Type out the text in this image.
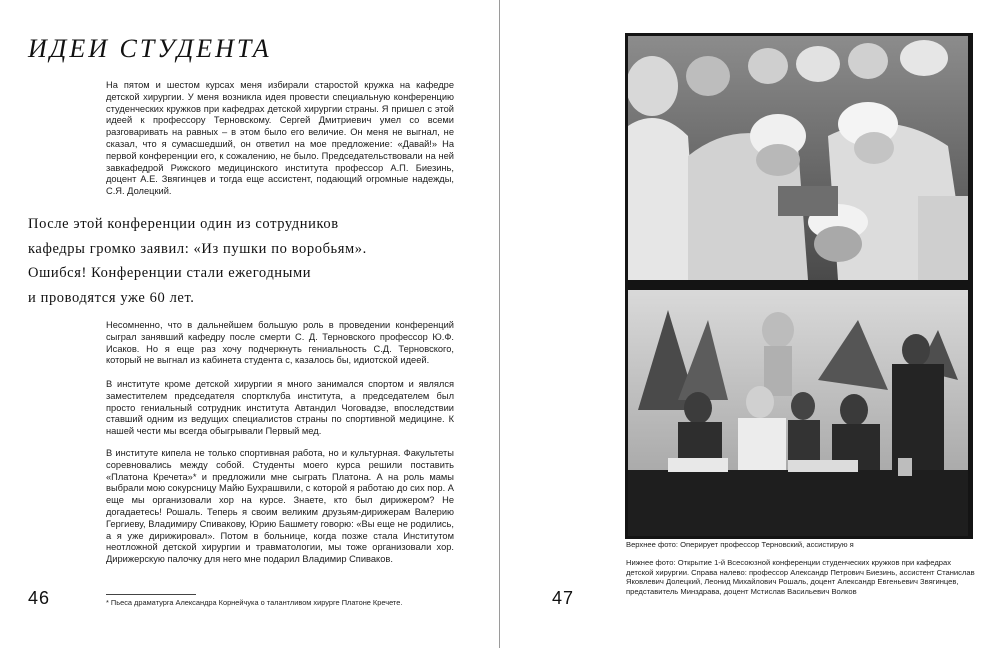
ИДЕИ СТУДЕНТА

На пятом и шестом курсах меня избирали старостой кружка на кафедре детской хирургии. У меня возникла идея провести специальную конференцию студенческих кружков при кафедрах детской хирургии страны. Я пришел с этой идеей к профессору Терновскому. Сергей Дмитриевич умел со всеми разговаривать на равных – в этом было его величие. Он меня не выгнал, не сказал, что я сумасшедший, он ответил на мое предложение: «Давай!» На первой конференции его, к сожалению, не было. Председательствовали на ней завкафедрой Рижского медицинского института профессор А.П. Биезинь, доцент А.Е. Звягинцев и тогда еще ассистент, подающий огромные надежды, С.Я. Долецкий.

После этой конференции один из сотрудников
кафедры громко заявил: «Из пушки по воробьям».
Ошибся! Конференции стали ежегодными
и проводятся уже 60 лет.

Несомненно, что в дальнейшем большую роль в проведении конференций сыграл занявший кафедру после смерти С. Д. Терновского профессор Ю.Ф. Исаков. Но я еще раз хочу подчеркнуть гениальность С.Д. Терновского, который не выгнал из кабинета студента с, казалось бы, идиотской идеей.

В институте кроме детской хирургии я много занимался спортом и являлся заместителем председателя спортклуба института, а председателем был просто гениальный сотрудник института Автандил Чоговадзе, впоследствии ставший одним из ведущих специалистов страны по спортивной медицине. К нашей чести мы всегда обыгрывали Первый мед.

В институте кипела не только спортивная работа, но и культурная. Факультеты соревновались между собой. Студенты моего курса решили поставить «Платона Кречета»* и предложили мне сыграть Платона. А на роль мамы выбрали мою сокурсницу Майю Бухрашвили, с которой я работаю до сих пор. А еще мы организовали хор на курсе. Знаете, кто был дирижером? Не догадаетесь! Рошаль. Теперь я своим великим друзьям-дирижерам Валерию Гергиеву, Владимиру Спивакову, Юрию Башмету говорю: «Вы еще не родились, а я уже дирижировал». Потом в больнице, когда позже стала Институтом неотложной детской хирургии и травматологии, мы тоже организовали хор. Дирижерскую палочку для него мне подарил Владимир Спиваков.

46	* Пьеса драматурга Александра Корнейчука о талантливом хирурге Платоне Кречете.	47

Верхнее фото: Оперирует профессор Терновский, ассистирую я

Нижнее фото: Открытие 1-й Всесоюзной конференции студенческих кружков при кафедрах детской хирургии. Справа налево: профессор Александр Петрович Биезинь, ассистент Станислав Яковлевич Долецкий, Леонид Михайлович Рошаль, доцент Александр Евгеньевич Звягинцев, представитель Минздрава, доцент Мстислав Васильевич Волков
